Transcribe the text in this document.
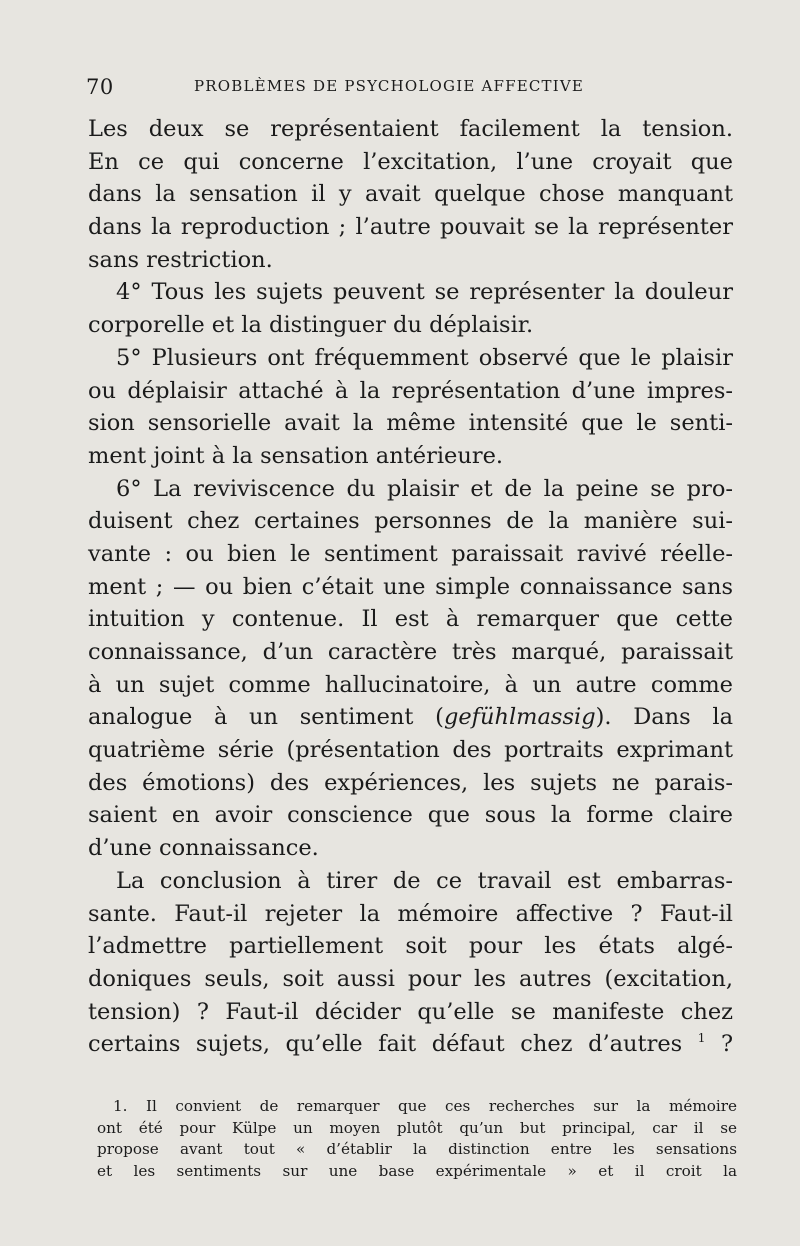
70	PROBLÈMES DE PSYCHOLOGIE AFFECTIVE
Les deux se représentaient facilement la tension.
En ce qui concerne l’excitation, l’une croyait que
dans la sensation il y avait quelque chose manquant
dans la reproduction ; l’autre pouvait se la représenter
sans restriction.
4° Tous les sujets peuvent se représenter la douleur
corporelle et la distinguer du déplaisir.
5° Plusieurs ont fréquemment observé que le plaisir
ou déplaisir attaché à la représentation d’une impres-
sion sensorielle avait la même intensité que le senti-
ment joint à la sensation antérieure.
6° La reviviscence du plaisir et de la peine se pro-
duisent chez certaines personnes de la manière sui-
vante : ou bien le sentiment paraissait ravivé réelle-
ment ; — ou bien c’était une simple connaissance sans
intuition y contenue. Il est à remarquer que cette
connaissance, d’un caractère très marqué, paraissait
à un sujet comme hallucinatoire, à un autre comme
analogue à un sentiment (gefühlmassig). Dans la
quatrième série (présentation des portraits exprimant
des émotions) des expériences, les sujets ne parais-
saient en avoir conscience que sous la forme claire
d’une connaissance.
La conclusion à tirer de ce travail est embarras-
sante. Faut-il rejeter la mémoire affective ? Faut-il
l’admettre partiellement soit pour les états algé-
doniques seuls, soit aussi pour les autres (excitation,
tension) ? Faut-il décider qu’elle se manifeste chez
certains sujets, qu’elle fait défaut chez d’autres $^1$ ?
1. Il convient de remarquer que ces recherches sur la mémoire
ont été pour Külpe un moyen plutôt qu’un but principal, car il se
propose avant tout « d’établir la distinction entre les sensations
et les sentiments sur une base expérimentale » et il croit la
